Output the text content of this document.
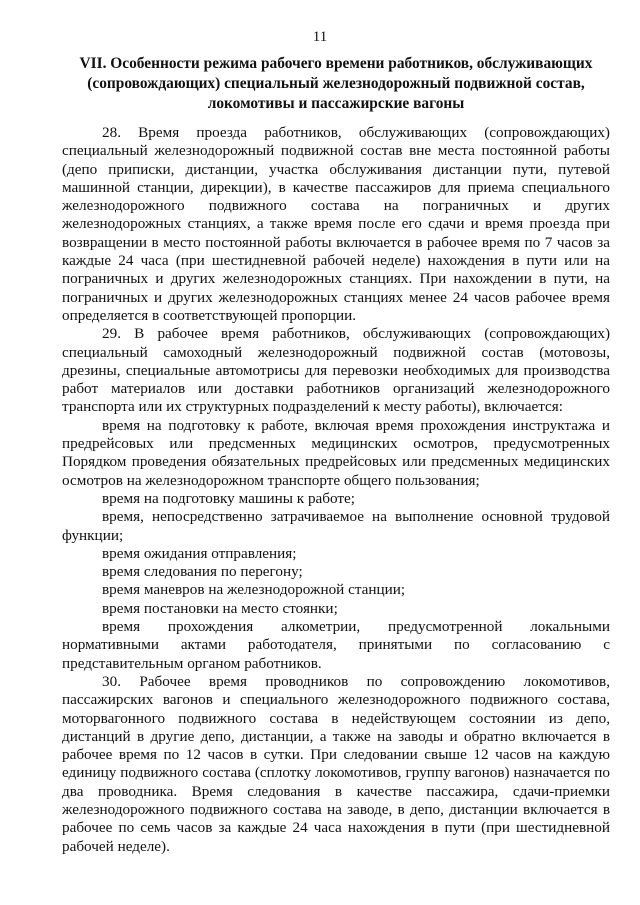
11
VII. Особенности режима рабочего времени работников, обслуживающих
(сопровождающих) специальный железнодорожный подвижной состав,
локомотивы и пассажирские вагоны

28. Время проезда работников, обслуживающих (сопровождающих) специальный железнодорожный подвижной состав вне места постоянной работы (депо приписки, дистанции, участка обслуживания дистанции пути, путевой машинной станции, дирекции), в качестве пассажиров для приема специального железнодорожного подвижного состава на пограничных и других железнодорожных станциях, а также время после его сдачи и время проезда при возвращении в место постоянной работы включается в рабочее время по 7 часов за каждые 24 часа (при шестидневной рабочей неделе) нахождения в пути или на пограничных и других железнодорожных станциях. При нахождении в пути, на пограничных и других железнодорожных станциях менее 24 часов рабочее время определяется в соответствующей пропорции.

29. В рабочее время работников, обслуживающих (сопровождающих) специальный самоходный железнодорожный подвижной состав (мотовозы, дрезины, специальные автомотрисы для перевозки необходимых для производства работ материалов или доставки работников организаций железнодорожного транспорта или их структурных подразделений к месту работы), включается:

время на подготовку к работе, включая время прохождения инструктажа и предрейсовых или предсменных медицинских осмотров, предусмотренных Порядком проведения обязательных предрейсовых или предсменных медицинских осмотров на железнодорожном транспорте общего пользования;

время на подготовку машины к работе;

время, непосредственно затрачиваемое на выполнение основной трудовой функции;

время ожидания отправления;

время следования по перегону;

время маневров на железнодорожной станции;

время постановки на место стоянки;

время прохождения алкометрии, предусмотренной локальными нормативными актами работодателя, принятыми по согласованию с представительным органом работников.

30. Рабочее время проводников по сопровождению локомотивов, пассажирских вагонов и специального железнодорожного подвижного состава, моторвагонного подвижного состава в недействующем состоянии из депо, дистанций в другие депо, дистанции, а также на заводы и обратно включается в рабочее время по 12 часов в сутки. При следовании свыше 12 часов на каждую единицу подвижного состава (сплотку локомотивов, группу вагонов) назначается по два проводника. Время следования в качестве пассажира, сдачи-приемки железнодорожного подвижного состава на заводе, в депо, дистанции включается в рабочее по семь часов за каждые 24 часа нахождения в пути (при шестидневной рабочей неделе).
